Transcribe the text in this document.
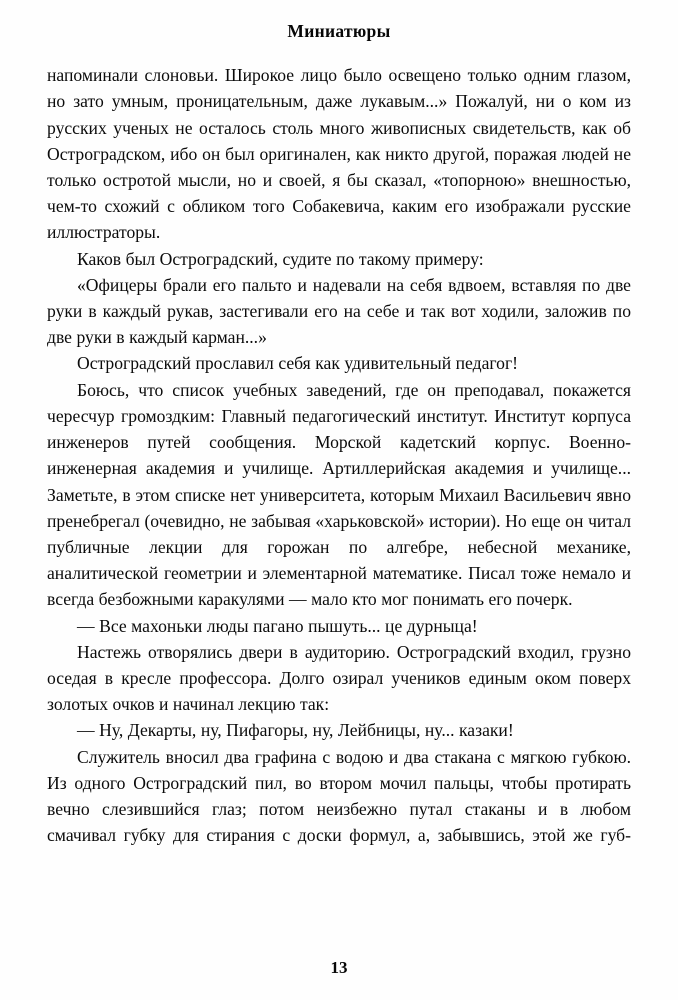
Миниатюры

напоминали слоновьи. Широкое лицо было освещено только одним глазом, но зато умным, проницательным, даже лукавым...» Пожалуй, ни о ком из русских ученых не осталось столь много живописных свидетельств, как об Остроградском, ибо он был оригинален, как никто другой, поражая людей не только остротой мысли, но и своей, я бы сказал, «топорною» внешностью, чем-то схожий с обликом того Собакевича, каким его изображали русские иллюстраторы.

Каков был Остроградский, судите по такому примеру:

«Офицеры брали его пальто и надевали на себя вдвоем, вставляя по две руки в каждый рукав, застегивали его на себе и так вот ходили, заложив по две руки в каждый карман...»

Остроградский прославил себя как удивительный педагог!

Боюсь, что список учебных заведений, где он преподавал, покажется чересчур громоздким: Главный педагогический институт. Институт корпуса инженеров путей сообщения. Морской кадетский корпус. Военно-инженерная академия и училище. Артиллерийская академия и училище... Заметьте, в этом списке нет университета, которым Михаил Васильевич явно пренебрегал (очевидно, не забывая «харьковской» истории). Но еще он читал публичные лекции для горожан по алгебре, небесной механике, аналитической геометрии и элементарной математике. Писал тоже немало и всегда безбожными каракулями — мало кто мог понимать его почерк.

— Все махоньки люды пагано пышуть... це дурныца!

Настежь отворялись двери в аудиторию. Остроградский входил, грузно оседая в кресле профессора. Долго озирал учеников единым оком поверх золотых очков и начинал лекцию так:

— Ну, Декарты, ну, Пифагоры, ну, Лейбницы, ну... казаки!

Служитель вносил два графина с водою и два стакана с мягкою губкою. Из одного Остроградский пил, во втором мочил пальцы, чтобы протирать вечно слезившийся глаз; потом неизбежно путал стаканы и в любом смачивал губку для стирания с доски формул, а, забывшись, этой же губ-

13
